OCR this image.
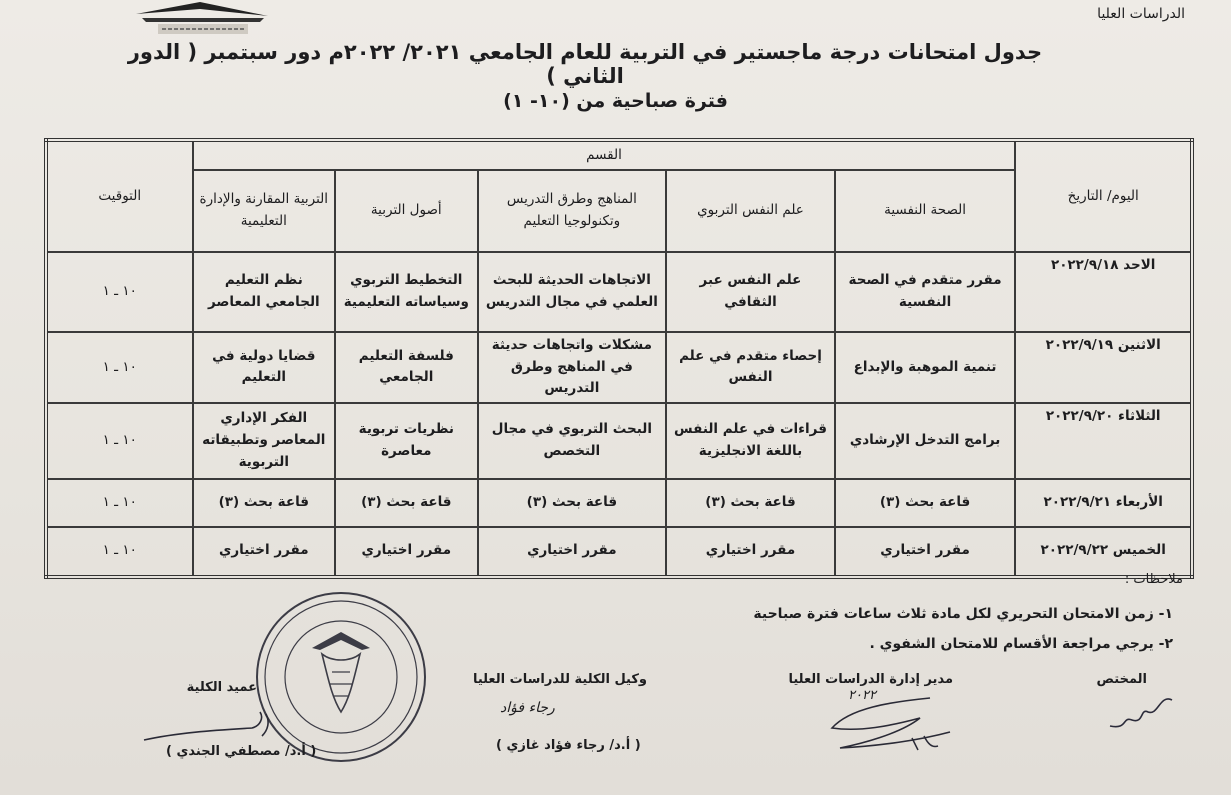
الدراسات العليا
جدول امتحانات درجة ماجستير في التربية للعام الجامعي ٢٠٢١/ ٢٠٢٢م دور سبتمبر ( الدور الثاني )
فترة صباحية من (١٠- ١)
اليوم/ التاريخ	القسم					التوقيت
	الصحة النفسية	علم النفس التربوي	المناهج وطرق التدريس وتكنولوجيا التعليم	أصول التربية	التربية المقارنة والإدارة التعليمية	
الاحد ٢٠٢٢/٩/١٨	مقرر متقدم في الصحة النفسية	علم النفس عبر الثقافي	الاتجاهات الحديثة للبحث العلمي في مجال التدريس	التخطيط التربوي وسياساته التعليمية	نظم التعليم الجامعي المعاصر	١٠ ـ ١
الاثنين ٢٠٢٢/٩/١٩	تنمية الموهبة والإبداع	إحصاء متقدم في علم النفس	مشكلات واتجاهات حديثة في المناهج وطرق التدريس	فلسفة التعليم الجامعي	قضايا دولية في التعليم	١٠ ـ ١
الثلاثاء ٢٠٢٢/٩/٢٠	برامج التدخل الإرشادي	قراءات في علم النفس باللغة الانجليزية	البحث التربوي في مجال التخصص	نظريات تربوية معاصرة	الفكر الإداري المعاصر وتطبيقاته التربوية	١٠ ـ ١
الأربعاء ٢٠٢٢/٩/٢١	قاعة بحث (٣)	قاعة بحث (٣)	قاعة بحث (٣)	قاعة بحث (٣)	قاعة بحث (٣)	١٠ ـ ١
الخميس ٢٠٢٢/٩/٢٢	مقرر اختياري	مقرر اختياري	مقرر اختياري	مقرر اختياري	مقرر اختياري	١٠ ـ ١
ملاحظات :
١- زمن الامتحان التحريري لكل مادة ثلاث ساعات فترة صباحية
٢- يرجي مراجعة الأقسام للامتحان الشفوي .
المختص
مدير إدارة الدراسات العليا
٢٠٢٢
وكيل الكلية للدراسات العليا
رجاء فؤاد
( أ.د/ رجاء فؤاد غازي )
عميد الكلية
( أ.د/ مصطفي الجندي )
